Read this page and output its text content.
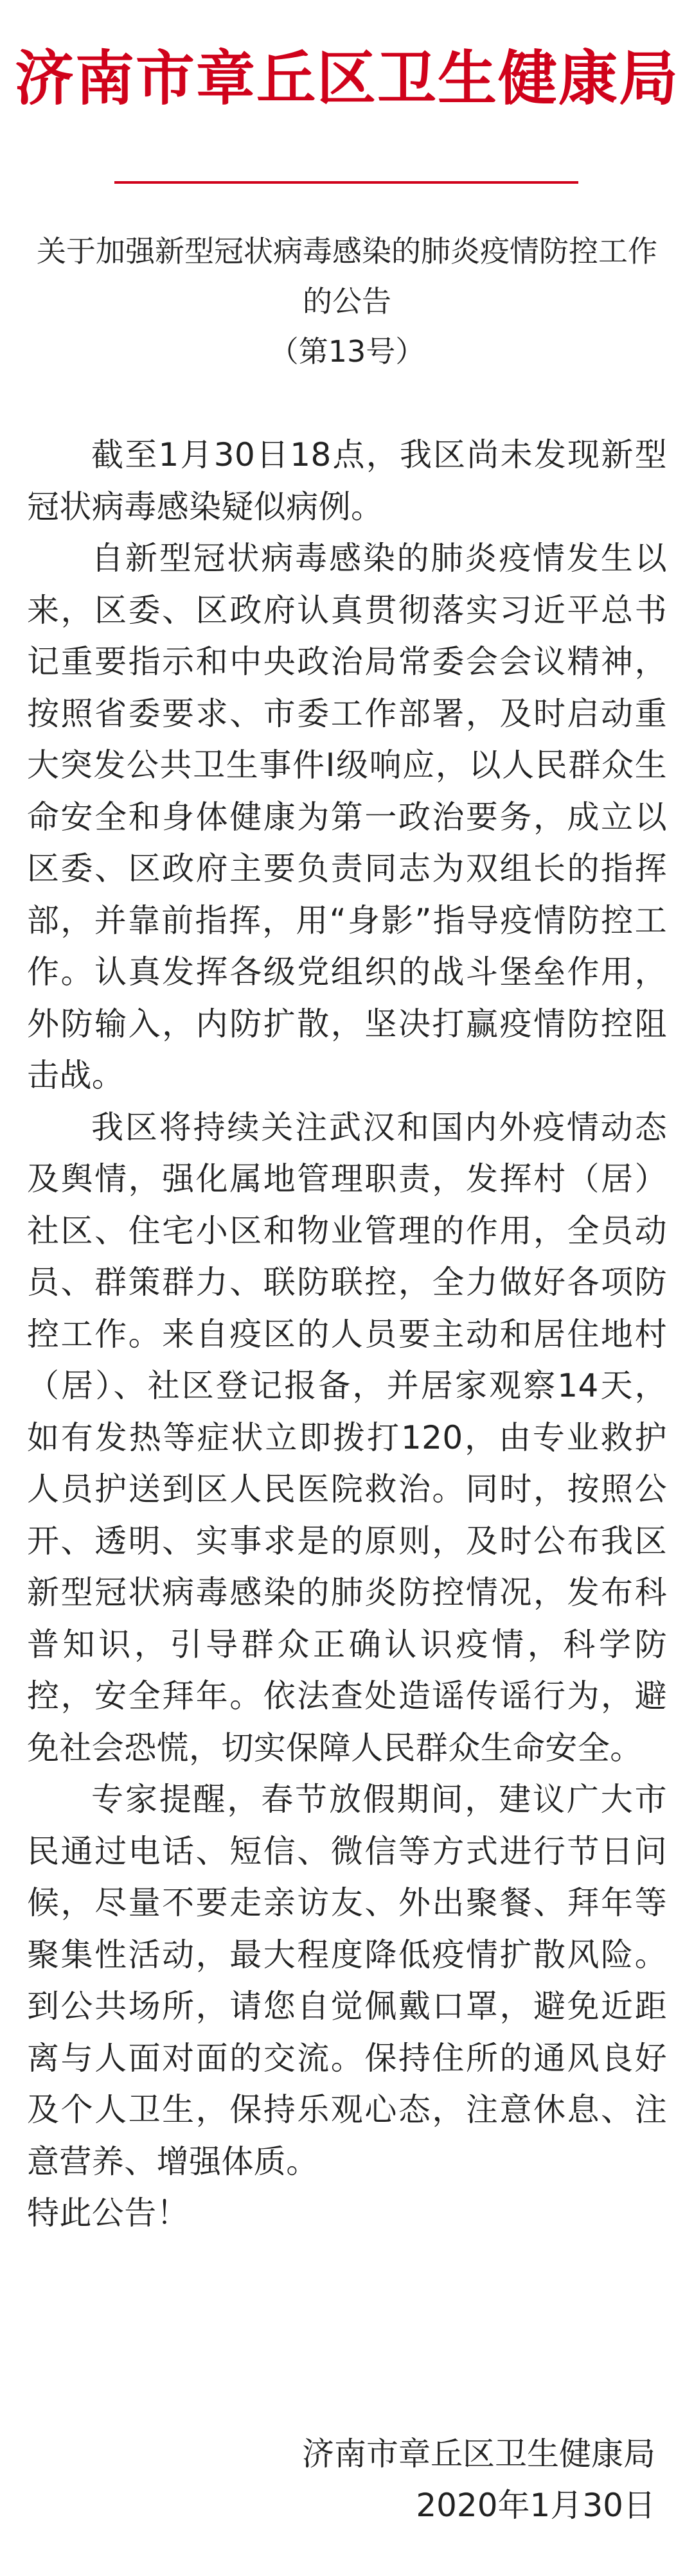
济南市章丘区卫生健康局
关于加强新型冠状病毒感染的肺炎疫情防控工作的公告
（第13号）

截至1月30日18点，我区尚未发现新型冠状病毒感染疑似病例。

自新型冠状病毒感染的肺炎疫情发生以来，区委、区政府认真贯彻落实习近平总书记重要指示和中央政治局常委会会议精神，按照省委要求、市委工作部署，及时启动重大突发公共卫生事件Ⅰ级响应，以人民群众生命安全和身体健康为第一政治要务，成立以区委、区政府主要负责同志为双组长的指挥部，并靠前指挥，用“身影”指导疫情防控工作。认真发挥各级党组织的战斗堡垒作用，外防输入，内防扩散，坚决打赢疫情防控阻击战。

我区将持续关注武汉和国内外疫情动态及舆情，强化属地管理职责，发挥村（居）社区、住宅小区和物业管理的作用，全员动员、群策群力、联防联控，全力做好各项防控工作。来自疫区的人员要主动和居住地村（居）、社区登记报备，并居家观察14天，如有发热等症状立即拨打120，由专业救护人员护送到区人民医院救治。同时，按照公开、透明、实事求是的原则，及时公布我区新型冠状病毒感染的肺炎防控情况，发布科普知识，引导群众正确认识疫情，科学防控，安全拜年。依法查处造谣传谣行为，避免社会恐慌，切实保障人民群众生命安全。

专家提醒，春节放假期间，建议广大市民通过电话、短信、微信等方式进行节日问候，尽量不要走亲访友、外出聚餐、拜年等聚集性活动，最大程度降低疫情扩散风险。到公共场所，请您自觉佩戴口罩，避免近距离与人面对面的交流。保持住所的通风良好及个人卫生，保持乐观心态，注意休息、注意营养、增强体质。

特此公告！

济南市章丘区卫生健康局
2020年1月30日
